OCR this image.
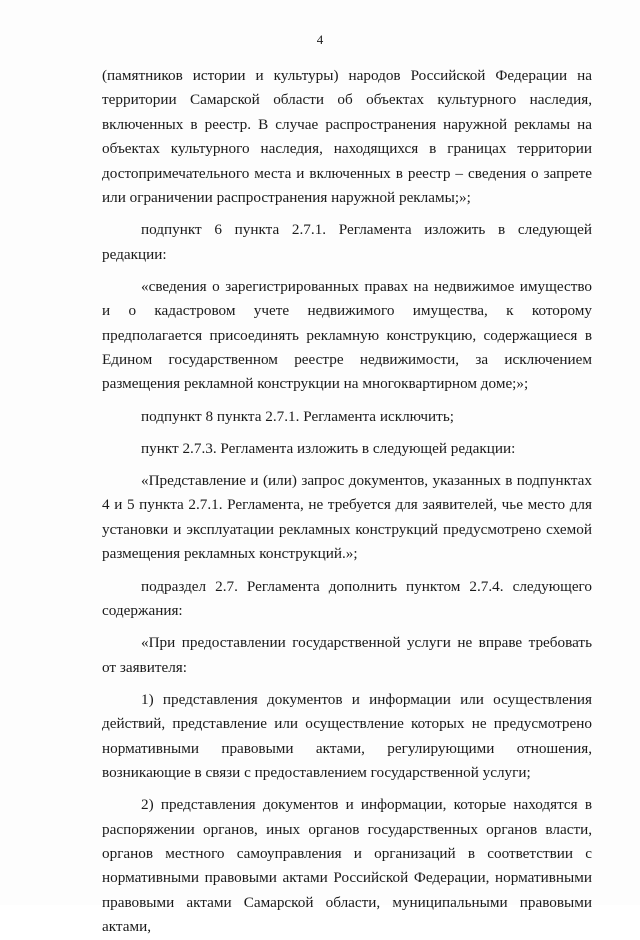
4

(памятников истории и культуры) народов Российской Федерации на территории Самарской области об объектах культурного наследия, включенных в реестр. В случае распространения наружной рекламы на объектах культурного наследия, находящихся в границах территории достопримечательного места и включенных в реестр – сведения о запрете или ограничении распространения наружной рекламы;»;

подпункт 6 пункта 2.7.1. Регламента изложить в следующей редакции:

«сведения о зарегистрированных правах на недвижимое имущество и о кадастровом учете недвижимого имущества, к которому предполагается присоединять рекламную конструкцию, содержащиеся в Едином государственном реестре недвижимости, за исключением размещения рекламной конструкции на многоквартирном доме;»;

подпункт 8 пункта 2.7.1. Регламента исключить;

пункт 2.7.3. Регламента изложить в следующей редакции:

«Представление и (или) запрос документов, указанных в подпунктах 4 и 5 пункта 2.7.1. Регламента, не требуется для заявителей, чье место для установки и эксплуатации рекламных конструкций предусмотрено схемой размещения рекламных конструкций.»;

подраздел 2.7. Регламента дополнить пунктом 2.7.4. следующего содержания:

«При предоставлении государственной услуги не вправе требовать от заявителя:

1) представления документов и информации или осуществления действий, представление или осуществление которых не предусмотрено нормативными правовыми актами, регулирующими отношения, возникающие в связи с предоставлением государственной услуги;

2) представления документов и информации, которые находятся в распоряжении органов, иных органов государственных органов власти, органов местного самоуправления и организаций в соответствии с нормативными правовыми актами Российской Федерации, нормативными правовыми актами Самарской области, муниципальными правовыми актами,
